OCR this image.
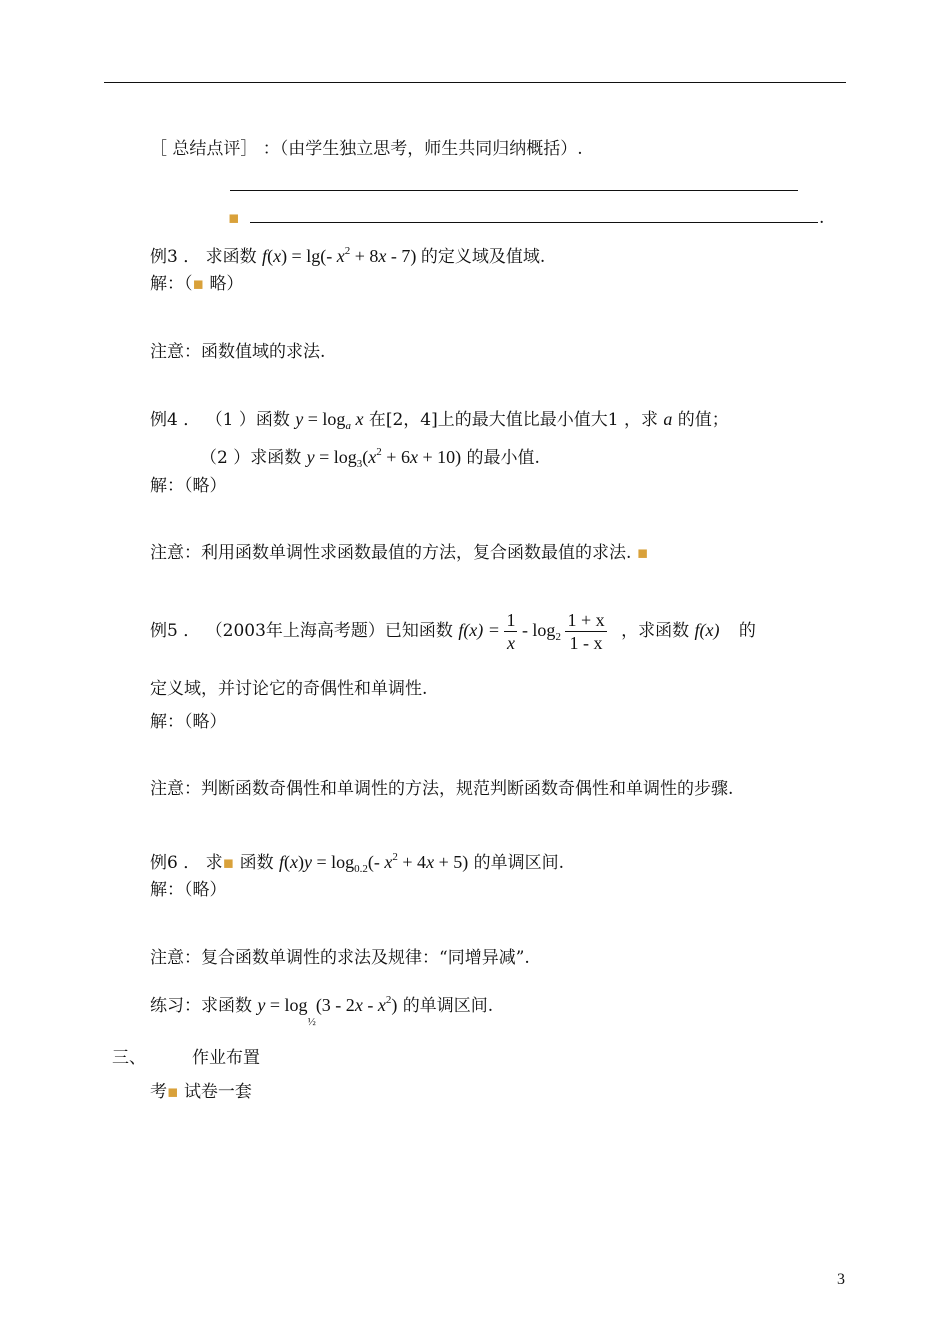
［ 总结点评］ ：（由学生独立思考，师生共同归纳概括）.
▪	.
例3 ． 求函数 f(x) = lg(- $x^2 + 8x - 7$) 的定义域及值域.
解：（▪ 略）
注意：函数值域的求法.
例4 ． （1 ）函数 $y = \log_a x$ 在[2，4]上的最大值比最小值大1 ，求 a 的值；
（2 ）求函数 $y = \log_3(x^2 + 6x + 10)$ 的最小值.
解：（略）
注意：利用函数单调性求函数最值的方法，复合函数最值的求法. ▪
例5 ． （2003年上海高考题）已知函数 $f(x) = \frac{1}{x} - \log_2 \frac{1 + x}{1 - x}$ ，求函数 f(x) 的
定义域，并讨论它的奇偶性和单调性.
解：（略）
注意：判断函数奇偶性和单调性的方法，规范判断函数奇偶性和单调性的步骤.
例6 ． 求▪ 函数 $f(x)y = \log_{0.2}(-$ $x^2 + 4x + 5$) 的单调区间.
解：（略）
注意：复合函数单调性的求法及规律：“同增异减”.
练习：求函数 $y = \log_{\frac{1}{2}}(3 - 2x - x^2)$ 的单调区间.
三、	作业布置
考▪ 试卷一套
3
